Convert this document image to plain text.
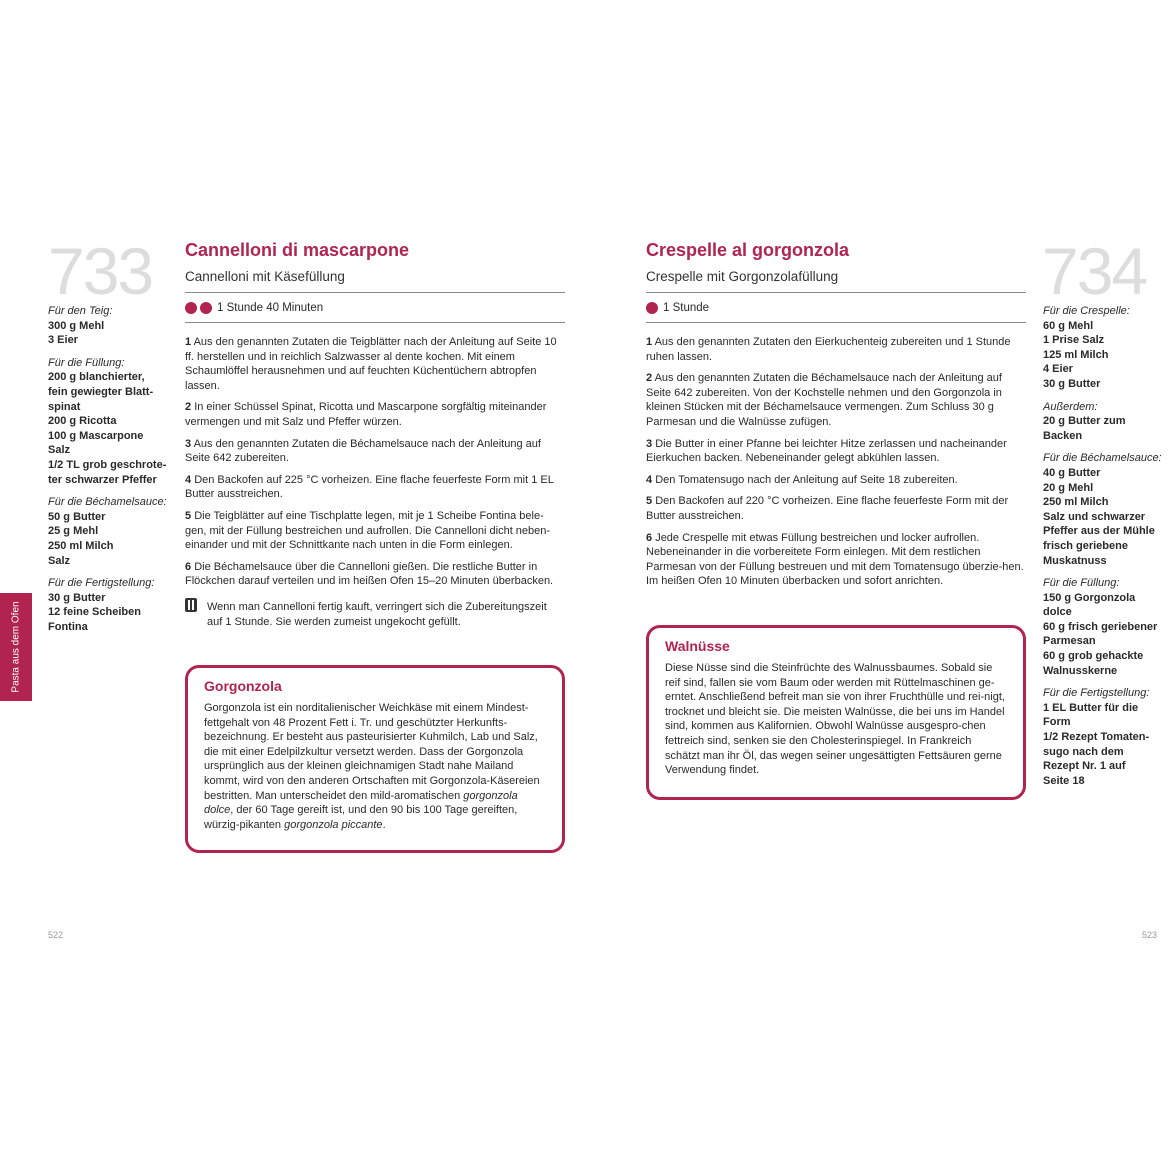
733
Für den Teig:
300 g Mehl
3 Eier
Für die Füllung:
200 g blanchierter,
fein gewiegter Blatt-
spinat
200 g Ricotta
100 g Mascarpone
Salz
1/2 TL grob geschrote-
ter schwarzer Pfeffer
Für die Béchamelsauce:
50 g Butter
25 g Mehl
250 ml Milch
Salz
Für die Fertigstellung:
30 g Butter
12 feine Scheiben
Fontina
Pasta aus dem Ofen
Cannelloni di mascarpone

Cannelloni mit Käsefüllung

1 Stunde 40 Minuten

1 Aus den genannten Zutaten die Teigblätter nach der Anleitung auf Seite 10 ff. herstellen und in reichlich Salzwasser al dente kochen. Mit einem Schaumlöffel herausnehmen und auf feuchten Küchentüchern abtropfen lassen.

2 In einer Schüssel Spinat, Ricotta und Mascarpone sorgfältig miteinander vermengen und mit Salz und Pfeffer würzen.

3 Aus den genannten Zutaten die Béchamelsauce nach der Anleitung auf Seite 642 zubereiten.

4 Den Backofen auf 225 °C vorheizen. Eine flache feuerfeste Form mit 1 EL Butter ausstreichen.

5 Die Teigblätter auf eine Tischplatte legen, mit je 1 Scheibe Fontina bele-gen, mit der Füllung bestreichen und aufrollen. Die Cannelloni dicht neben-einander und mit der Schnittkante nach unten in die Form einlegen.

6 Die Béchamelsauce über die Cannelloni gießen. Die restliche Butter in Flöckchen darauf verteilen und im heißen Ofen 15–20 Minuten überbacken.

Wenn man Cannelloni fertig kauft, verringert sich die Zubereitungszeit auf 1 Stunde. Sie werden zumeist ungekocht gefüllt.
Gorgonzola

Gorgonzola ist ein norditalienischer Weichkäse mit einem Mindest-fettgehalt von 48 Prozent Fett i. Tr. und geschützter Herkunfts-bezeichnung. Er besteht aus pasteurisierter Kuhmilch, Lab und Salz, die mit einer Edelpilzkultur versetzt werden. Dass der Gorgonzola ursprünglich aus der kleinen gleichnamigen Stadt nahe Mailand kommt, wird von den anderen Ortschaften mit Gorgonzola-Käsereien bestritten. Man unterscheidet den mild-aromatischen gorgonzola dolce, der 60 Tage gereift ist, und den 90 bis 100 Tage gereiften, würzig-pikanten gorgonzola piccante.

522
Crespelle al gorgonzola

Crespelle mit Gorgonzolafüllung

1 Stunde

1 Aus den genannten Zutaten den Eierkuchenteig zubereiten und 1 Stunde ruhen lassen.

2 Aus den genannten Zutaten die Béchamelsauce nach der Anleitung auf Seite 642 zubereiten. Von der Kochstelle nehmen und den Gorgonzola in kleinen Stücken mit der Béchamelsauce vermengen. Zum Schluss 30 g Parmesan und die Walnüsse zufügen.

3 Die Butter in einer Pfanne bei leichter Hitze zerlassen und nacheinander Eierkuchen backen. Nebeneinander gelegt abkühlen lassen.

4 Den Tomatensugo nach der Anleitung auf Seite 18 zubereiten.

5 Den Backofen auf 220 °C vorheizen. Eine flache feuerfeste Form mit der Butter ausstreichen.

6 Jede Crespelle mit etwas Füllung bestreichen und locker aufrollen. Nebeneinander in die vorbereitete Form einlegen. Mit dem restlichen Parmesan von der Füllung bestreuen und mit dem Tomatensugo überzie-hen. Im heißen Ofen 10 Minuten überbacken und sofort anrichten.

Walnüsse

Diese Nüsse sind die Steinfrüchte des Walnussbaumes. Sobald sie reif sind, fallen sie vom Baum oder werden mit Rüttelmaschinen ge-erntet. Anschließend befreit man sie von ihrer Fruchthülle und rei-nigt, trocknet und bleicht sie. Die meisten Walnüsse, die bei uns im Handel sind, kommen aus Kalifornien. Obwohl Walnüsse ausgespro-chen fettreich sind, senken sie den Cholesterinspiegel. In Frankreich schätzt man ihr Öl, das wegen seiner ungesättigten Fettsäuren gerne Verwendung findet.

734
Für die Crespelle:
60 g Mehl
1 Prise Salz
125 ml Milch
4 Eier
30 g Butter
Außerdem:
20 g Butter zum
Backen
Für die Béchamelsauce:
40 g Butter
20 g Mehl
250 ml Milch
Salz und schwarzer
Pfeffer aus der Mühle
frisch geriebene
Muskatnuss
Für die Füllung:
150 g Gorgonzola dolce
60 g frisch geriebener
Parmesan
60 g grob gehackte
Walnusskerne
Für die Fertigstellung:
1 EL Butter für die Form
1/2 Rezept Tomaten-
sugo nach dem
Rezept Nr. 1 auf
Seite 18
523
